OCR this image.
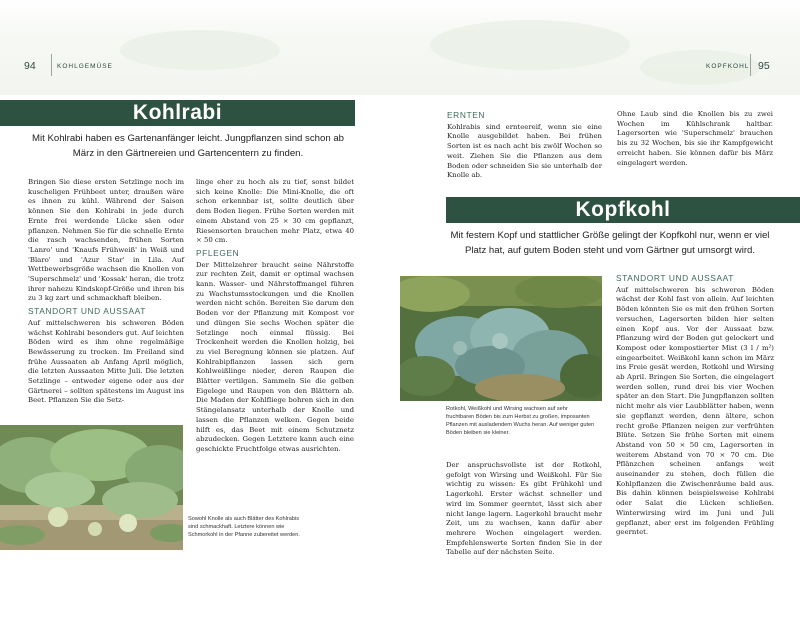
94	KOHLGEMÜSE	KOPFKOHL 95
Kohlrabi
Mit Kohlrabi haben es Gartenanfänger leicht. Jungpflanzen sind schon ab März in den Gärtnereien und Gartencentern zu finden.

Bringen Sie diese ersten Setzlinge noch im kuscheligen Frühbeet unter, draußen wäre es ihnen zu kühl. Während der Saison können Sie den Kohlrabi in jede durch Ernte frei werdende Lücke säen oder pflanzen. Nehmen Sie für die schnelle Ernte die rasch wachsenden, frühen Sorten 'Lanro' und 'Knaufs Frühweiß' in Weiß und 'Blaro' und 'Azur Star' in Lila. Auf Wettbewerbsgröße wachsen die Knollen von 'Superschmelz' und 'Kossak' heran, die trotz ihrer nahezu Kindskopf-Größe und ihren bis zu 3 kg zart und schmackhaft bleiben.

STANDORT UND AUSSAAT

Auf mittelschweren bis schweren Böden wächst Kohlrabi besonders gut. Auf leichten Böden wird es ihm ohne regelmäßige Bewässerung zu trocken. Im Freiland sind frühe Aussaaten ab Anfang April möglich, die letzten Aussaaten Mitte Juli. Die letzten Setzlinge – entweder eigene oder aus der Gärtnerei – sollten spätestens im August ins Beet. Pflanzen Sie die Setz-

linge eher zu hoch als zu tief, sonst bildet sich keine Knolle: Die Mini-Knolle, die oft schon erkennbar ist, sollte deutlich über dem Boden liegen. Frühe Sorten werden mit einem Abstand von 25 × 30 cm gepflanzt, Riesensorten brauchen mehr Platz, etwa 40 × 50 cm.

PFLEGEN

Der Mittelzehrer braucht seine Nährstoffe zur rechten Zeit, damit er optimal wachsen kann. Wasser- und Nährstoffmangel führen zu Wachstumsstockungen und die Knollen werden nicht schön. Bereiten Sie darum den Boden vor der Pflanzung mit Kompost vor und düngen Sie sechs Wochen später die Setzlinge noch einmal flüssig. Bei Trockenheit werden die Knollen holzig, bei zu viel Beregnung können sie platzen. Auf Kohlrabipflanzen lassen sich gern Kohlweißlinge nieder, deren Raupen die Blätter vertilgen. Sammeln Sie die gelben Eigelege und Raupen von den Blättern ab. Die Maden der Kohlfliege bohren sich in den Stängelansatz unterhalb der Knolle und lassen die Pflanzen welken. Gegen beide hilft es, das Beet mit einem Schutznetz abzudecken. Gegen Letztere kann auch eine geschickte Fruchtfolge etwas ausrichten.

Sowohl Knolle als auch Blätter des Kohlrabis sind schmackhaft. Letztere können wie Schmorkohl in der Pfanne zubereitet werden.
ERNTEN

Kohlrabis sind ernteereif, wenn sie eine Knolle ausgebildet haben. Bei frühen Sorten ist es nach acht bis zwölf Wochen so weit. Ziehen Sie die Pflanzen aus dem Boden oder schneiden Sie sie unterhalb der Knolle ab.

Ohne Laub sind die Knollen bis zu zwei Wochen im Kühlschrank haltbar. Lagersorten wie 'Superschmelz' brauchen bis zu 32 Wochen, bis sie ihr Kampfgewicht erreicht haben. Sie können dafür bis März eingelagert werden.

Kopfkohl
Mit festem Kopf und stattlicher Größe gelingt der Kopfkohl nur, wenn er viel Platz hat, auf gutem Boden steht und vom Gärtner gut umsorgt wird.
Rotkohl, Weißkohl und Wirsing wachsen auf sehr fruchtbaren Böden bis zum Herbst zu großen, imposanten Pflanzen mit ausladendem Wuchs heran. Auf weniger guten Böden bleiben sie kleiner.

Der anspruchsvollste ist der Rotkohl, gefolgt von Wirsing und Weißkohl. Für Sie wichtig zu wissen: Es gibt Frühkohl und Lagerkohl. Erster wächst schneller und wird im Sommer geerntet, lässt sich aber nicht lange lagern. Lagerkohl braucht mehr Zeit, um zu wachsen, kann dafür aber mehrere Wochen eingelagert werden. Empfehlenswerte Sorten finden Sie in der Tabelle auf der nächsten Seite.

STANDORT UND AUSSAAT

Auf mittelschweren bis schweren Böden wächst der Kohl fast von allein. Auf leichten Böden könnten Sie es mit den frühen Sorten versuchen, Lagersorten bilden hier selten einen Kopf aus. Vor der Aussaat bzw. Pflanzung wird der Boden gut gelockert und Kompost oder kompostierter Mist (3 l / m²) eingearbeitet. Weißkohl kann schon im März ins Freie gesät werden, Rotkohl und Wirsing ab April. Bringen Sie Sorten, die eingelagert werden sollen, rund drei bis vier Wochen später an den Start. Die Jungpflanzen sollten nicht mehr als vier Laubblätter haben, wenn sie gepflanzt werden, denn ältere, schon recht große Pflanzen neigen zur verfrühten Blüte. Setzen Sie frühe Sorten mit einem Abstand von 50 × 50 cm, Lagersorten in weiterem Abstand von 70 × 70 cm. Die Pflänzchen scheinen anfangs weit auseinander zu stehen, doch füllen die Kohlpflanzen die Zwischenräume bald aus. Bis dahin können beispielsweise Kohlrabi oder Salat die Lücken schließen. Winterwirsing wird im Juni und Juli gepflanzt, aber erst im folgenden Frühling geerntet.
